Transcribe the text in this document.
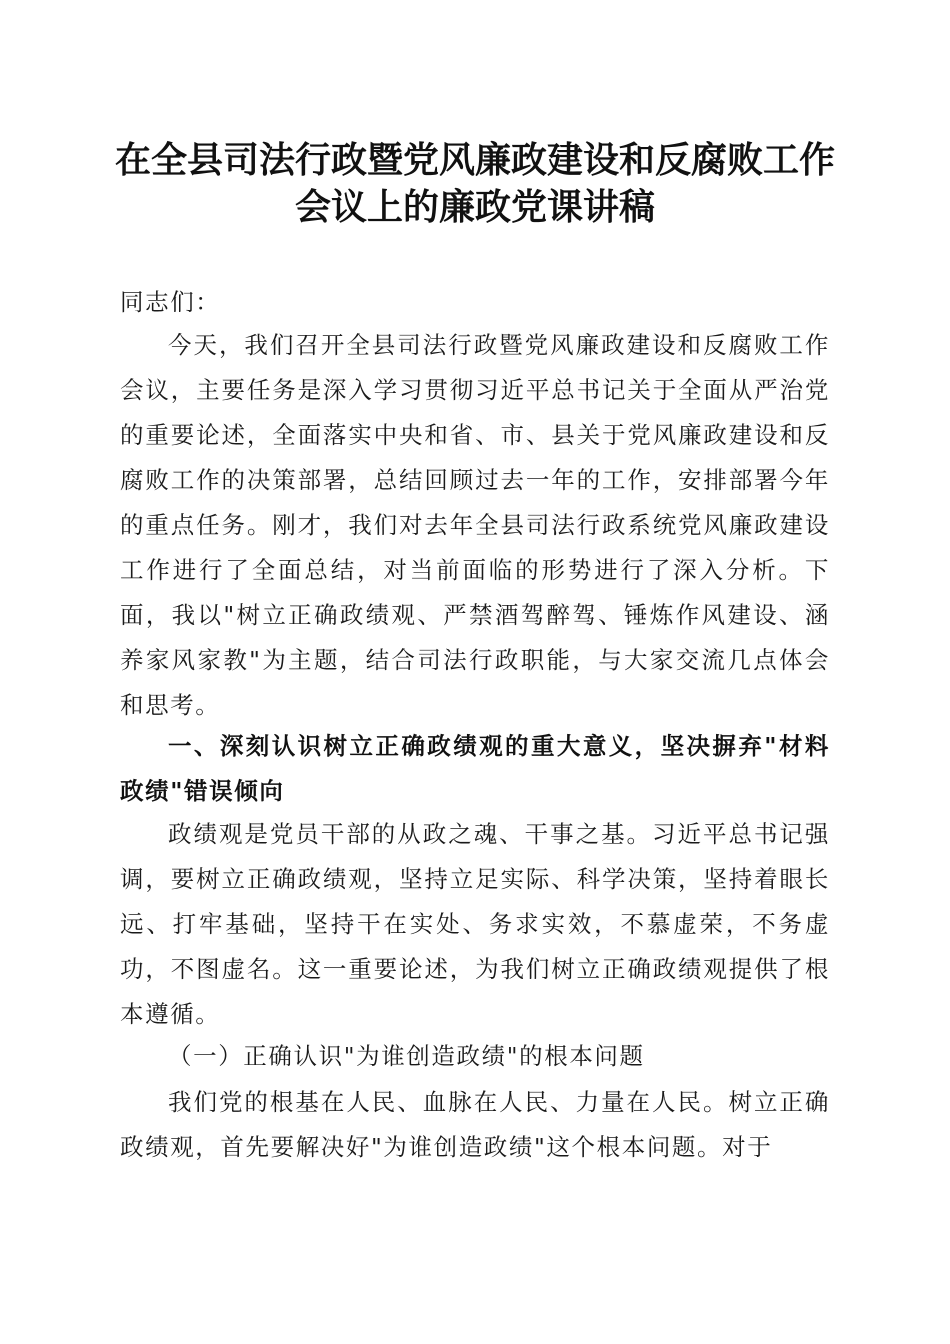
在全县司法行政暨党风廉政建设和反腐败工作
会议上的廉政党课讲稿
同志们：

今天，我们召开全县司法行政暨党风廉政建设和反腐败工作会议，主要任务是深入学习贯彻习近平总书记关于全面从严治党的重要论述，全面落实中央和省、市、县关于党风廉政建设和反腐败工作的决策部署，总结回顾过去一年的工作，安排部署今年的重点任务。刚才，我们对去年全县司法行政系统党风廉政建设工作进行了全面总结，对当前面临的形势进行了深入分析。下面，我以"树立正确政绩观、严禁酒驾醉驾、锤炼作风建设、涵养家风家教"为主题，结合司法行政职能，与大家交流几点体会和思考。

一、深刻认识树立正确政绩观的重大意义，坚决摒弃"材料政绩"错误倾向

政绩观是党员干部的从政之魂、干事之基。习近平总书记强调，要树立正确政绩观，坚持立足实际、科学决策，坚持着眼长远、打牢基础，坚持干在实处、务求实效，不慕虚荣，不务虚功，不图虚名。这一重要论述，为我们树立正确政绩观提供了根本遵循。

（一）正确认识"为谁创造政绩"的根本问题

我们党的根基在人民、血脉在人民、力量在人民。树立正确政绩观，首先要解决好"为谁创造政绩"这个根本问题。对于
